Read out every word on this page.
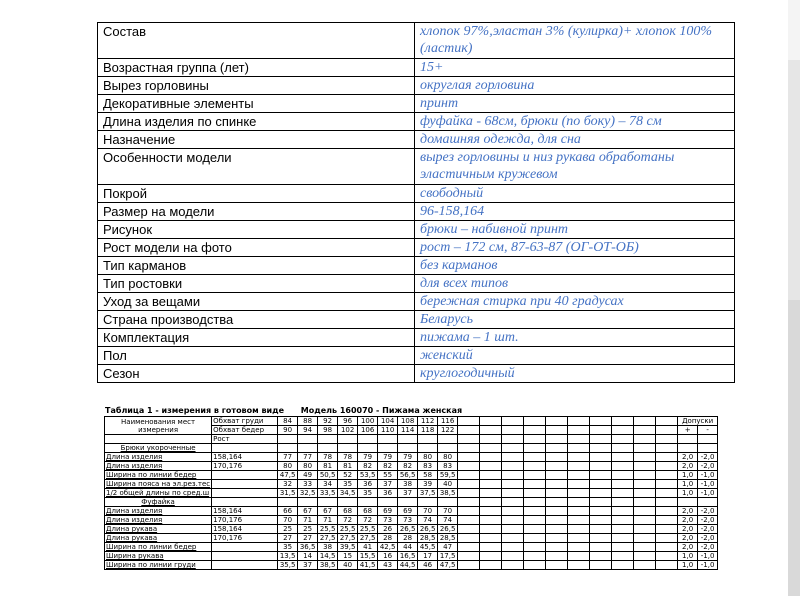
Состав	хлопок 97%,эластан 3% (кулирка)+ хлопок 100%(ластик)
Возрастная группа (лет)	15+
Вырез горловины	округлая горловина
Декоративные элементы	принт
Длина изделия по спинке	фуфайка - 68см, брюки (по боку) – 78 см
Назначение	домашняя одежда, для сна
Особенности модели	вырез горловины и низ рукава обработаны эластичным кружевом
Покрой	свободный
Размер на модели	96-158,164
Рисунок	брюки – набивной принт
Рост модели на фото	рост – 172 см, 87-63-87 (ОГ-ОТ-ОБ)
Тип карманов	без карманов
Тип ростовки	для всех типов
Уход за вещами	бережная стирка при 40 градусах
Страна производства	Беларусь
Комплектация	пижама – 1 шт.
Пол	женский
Сезон	круглогодичный
Таблица 1 - измерения в готовом виде Модель 160070 - Пижама женская
Наименования мест измерения	Обхват груди	84	88	92	96	100	104	108	112	116											Допуски	
	Обхват бедер	90	94	98	102	106	110	114	118	122											+	-
	Рост																					
Брюки укороченные																						
Длина изделия	158,164	77	77	78	78	79	79	79	80	80											2,0	-2,0
Длина изделия	170,176	80	80	81	81	82	82	82	83	83											2,0	-2,0
Ширина по линии бедер		47,5	49	50,5	52	53,5	55	56,5	58	59,5											1,0	-1,0
Ширина пояса на эл.рез.тес		32	33	34	35	36	37	38	39	40											1,0	-1,0
1/2 общей длины по сред.ш		31,5	32,5	33,5	34,5	35	36	37	37,5	38,5											1,0	-1,0
Фуфайка																						
Длина изделия	158,164	66	67	67	68	68	69	69	70	70											2,0	-2,0
Длина изделия	170,176	70	71	71	72	72	73	73	74	74											2,0	-2,0
Длина рукава	158,164	25	25	25,5	25,5	25,5	26	26,5	26,5	26,5											2,0	-2,0
Длина рукава	170,176	27	27	27,5	27,5	27,5	28	28	28,5	28,5											2,0	-2,0
Ширина по линии бедер		35	36,5	38	39,5	41	42,5	44	45,5	47											2,0	-2,0
Ширина рукава		13,5	14	14,5	15	15,5	16	16,5	17	17,5											1,0	-1,0
Ширина по линии груди		35,5	37	38,5	40	41,5	43	44,5	46	47,5											1,0	-1,0
